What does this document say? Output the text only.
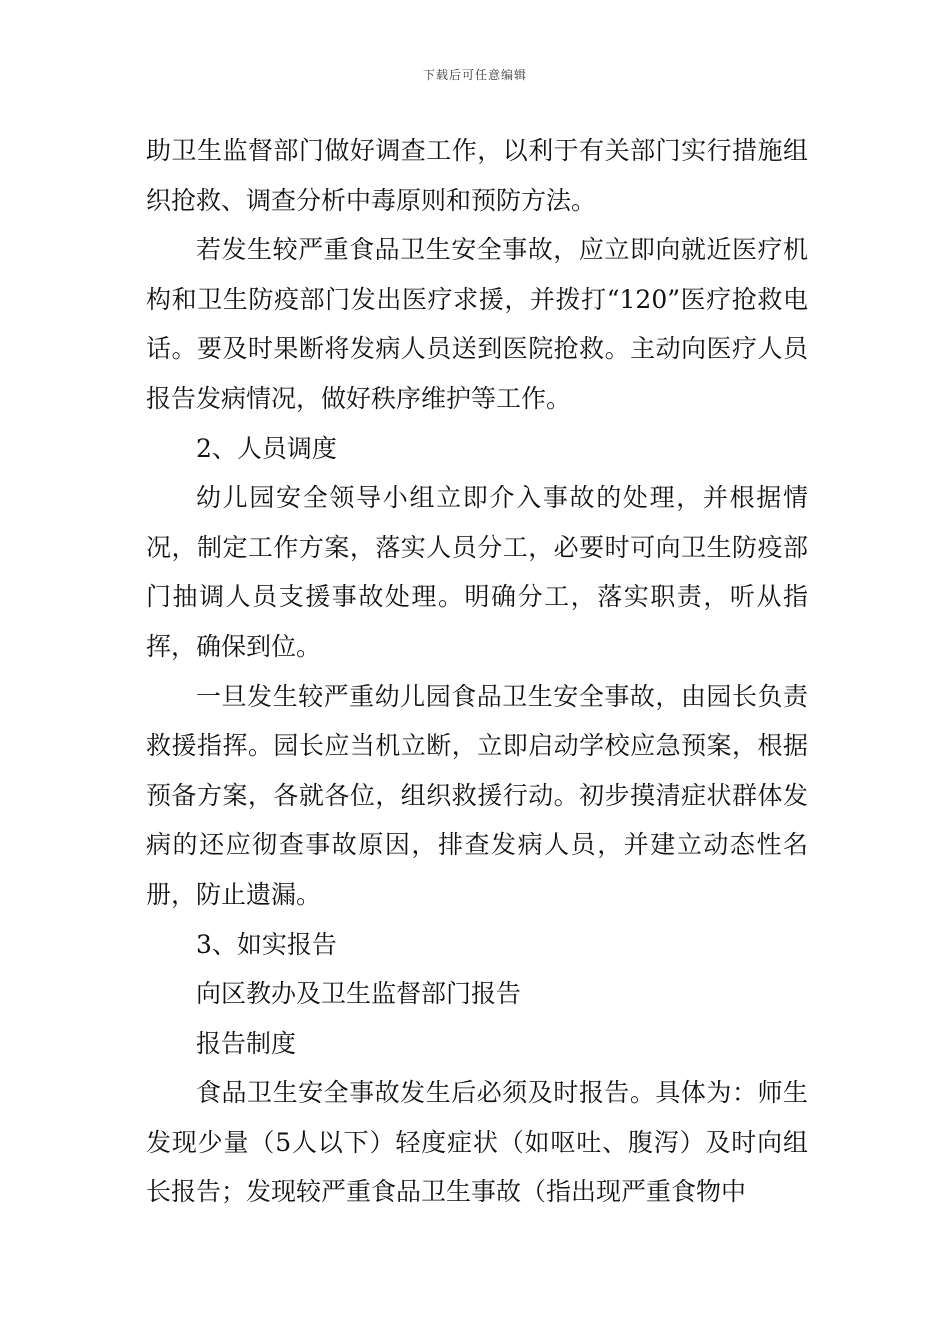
下载后可任意编辑

助卫生监督部门做好调查工作，以利于有关部门实行措施组织抢救、调查分析中毒原则和预防方法。

若发生较严重食品卫生安全事故，应立即向就近医疗机构和卫生防疫部门发出医疗求援，并拨打“120”医疗抢救电话。要及时果断将发病人员送到医院抢救。主动向医疗人员报告发病情况，做好秩序维护等工作。

2、人员调度

幼儿园安全领导小组立即介入事故的处理，并根据情况，制定工作方案，落实人员分工，必要时可向卫生防疫部门抽调人员支援事故处理。明确分工，落实职责，听从指挥，确保到位。

一旦发生较严重幼儿园食品卫生安全事故，由园长负责救援指挥。园长应当机立断，立即启动学校应急预案，根据预备方案，各就各位，组织救援行动。初步摸清症状群体发病的还应彻查事故原因，排查发病人员，并建立动态性名册，防止遗漏。

3、如实报告

向区教办及卫生监督部门报告

报告制度

食品卫生安全事故发生后必须及时报告。具体为：师生发现少量（5人以下）轻度症状（如呕吐、腹泻）及时向组长报告；发现较严重食品卫生事故（指出现严重食物中
